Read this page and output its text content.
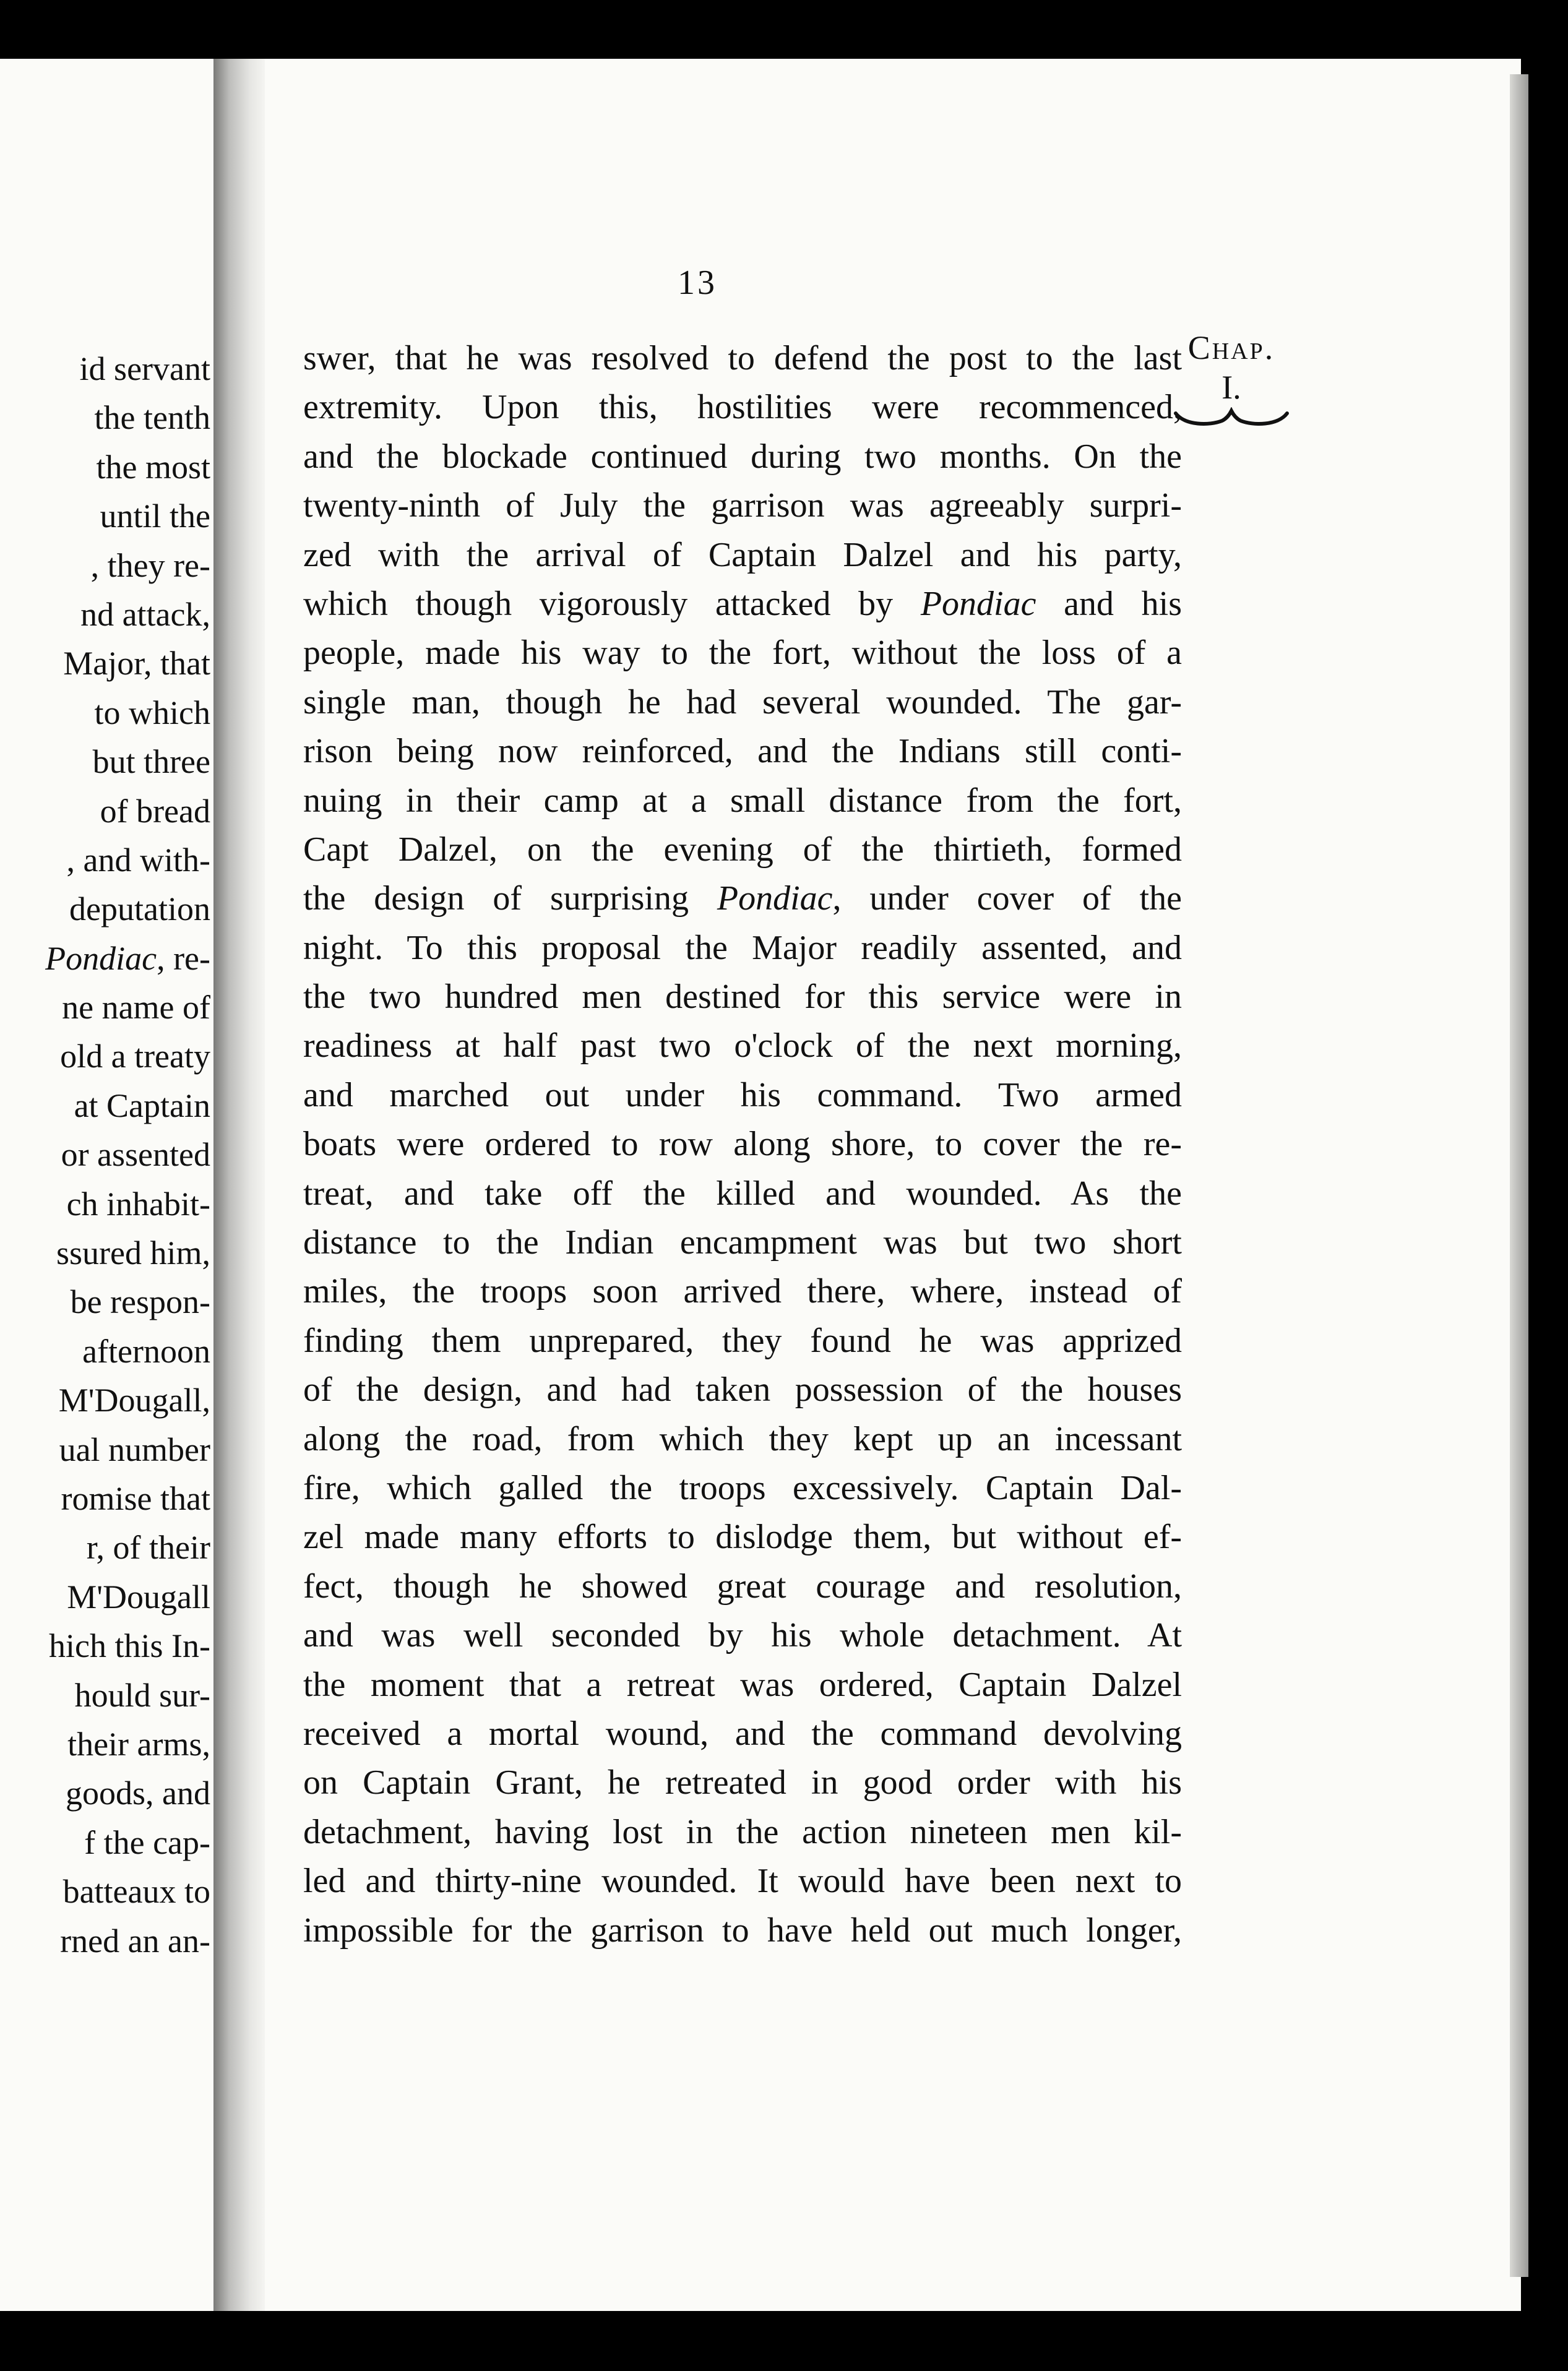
id servant
the tenth
the most
until the
, they re-
nd attack,
Major, that
to which
but three
of bread
, and with-
deputation
Pondiac, re-
ne name of
old a treaty
at Captain
or assented
ch inhabit-
ssured him,
be respon-
afternoon
M'Dougall,
ual number
romise that
r, of their
M'Dougall
hich this In-
hould sur-
their arms,
goods, and
f the cap-
batteaux to
rned an an-
13
Chap.
I.
swer, that he was resolved to defend the post to the last
extremity. Upon this, hostilities were recommenced,
and the blockade continued during two months. On the
twenty-ninth of July the garrison was agreeably surpri-
zed with the arrival of Captain Dalzel and his party,
which though vigorously attacked by Pondiac and his
people, made his way to the fort, without the loss of a
single man, though he had several wounded. The gar-
rison being now reinforced, and the Indians still conti-
nuing in their camp at a small distance from the fort,
Capt Dalzel, on the evening of the thirtieth, formed
the design of surprising Pondiac, under cover of the
night. To this proposal the Major readily assented, and
the two hundred men destined for this service were in
readiness at half past two o'clock of the next morning,
and marched out under his command. Two armed
boats were ordered to row along shore, to cover the re-
treat, and take off the killed and wounded. As the
distance to the Indian encampment was but two short
miles, the troops soon arrived there, where, instead of
finding them unprepared, they found he was apprized
of the design, and had taken possession of the houses
along the road, from which they kept up an incessant
fire, which galled the troops excessively. Captain Dal-
zel made many efforts to dislodge them, but without ef-
fect, though he showed great courage and resolution,
and was well seconded by his whole detachment. At
the moment that a retreat was ordered, Captain Dalzel
received a mortal wound, and the command devolving
on Captain Grant, he retreated in good order with his
detachment, having lost in the action nineteen men kil-
led and thirty-nine wounded. It would have been next to
impossible for the garrison to have held out much longer,
